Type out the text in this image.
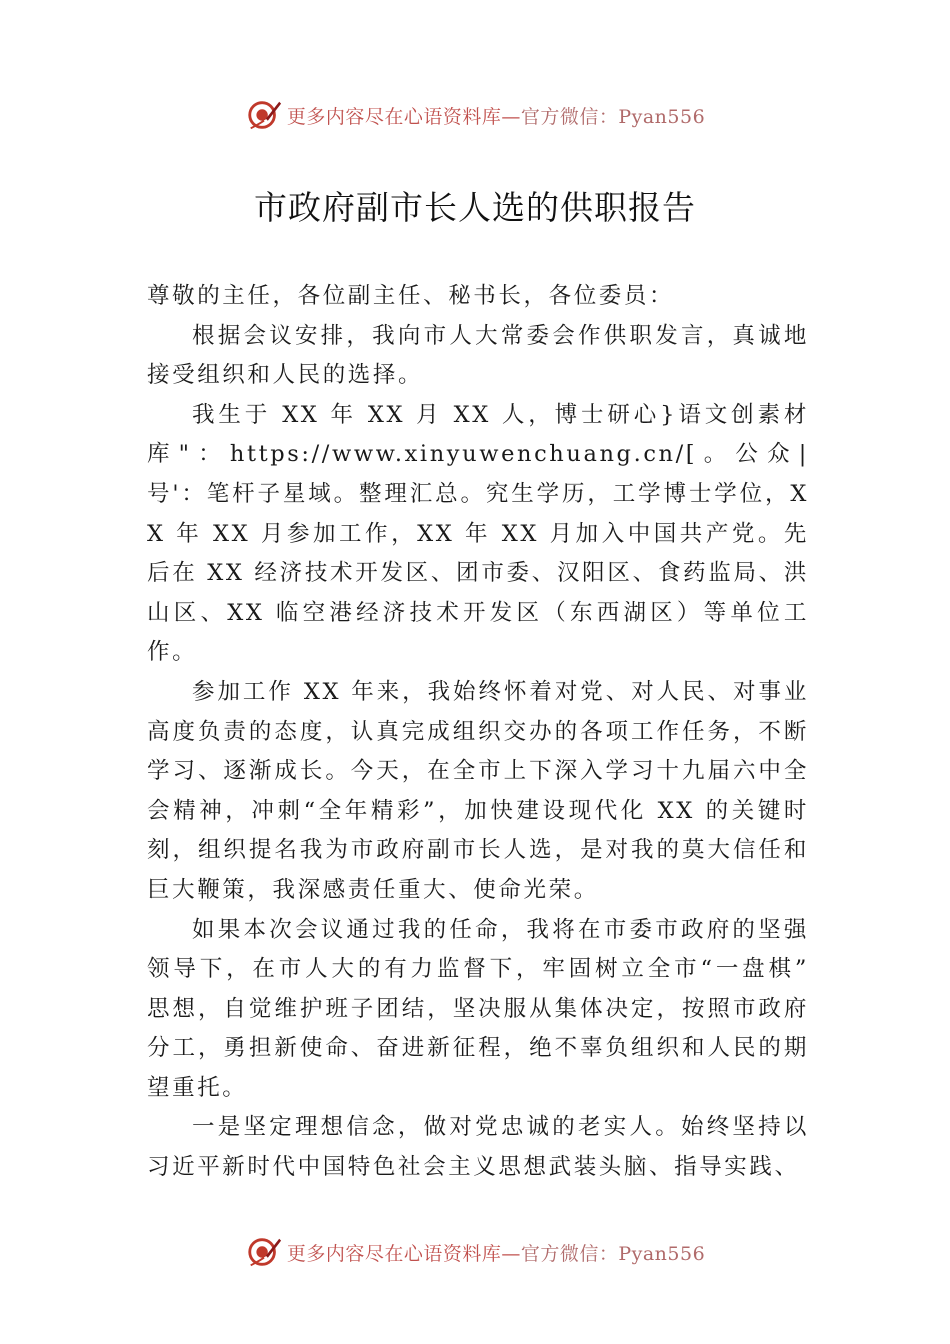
更多内容尽在心语资料库— 官方微信：Pyan556
市政府副市长人选的供职报告

尊敬的主任，各位副主任、秘书长，各位委员：

根据会议安排，我向市人大常委会作供职发言，真诚地接受组织和人民的选择。

我生于 XX 年 XX 月 XX 人，博士研心}语文创素材库"：https://www.xinyuwenchuang.cn/[。公众|号'：笔杆子星域。整理汇总。究生学历，工学博士学位，XX 年 XX 月参加工作，XX 年 XX 月加入中国共产党。先后在 XX 经济技术开发区、团市委、汉阳区、食药监局、洪山区、XX 临空港经济技术开发区（东西湖区）等单位工作。

参加工作 XX 年来，我始终怀着对党、对人民、对事业高度负责的态度，认真完成组织交办的各项工作任务，不断学习、逐渐成长。今天，在全市上下深入学习十九届六中全会精神，冲刺“全年精彩”，加快建设现代化 XX 的关键时刻，组织提名我为市政府副市长人选，是对我的莫大信任和巨大鞭策，我深感责任重大、使命光荣。

如果本次会议通过我的任命，我将在市委市政府的坚强领导下，在市人大的有力监督下，牢固树立全市“一盘棋” 思想，自觉维护班子团结，坚决服从集体决定，按照市政府分工，勇担新使命、奋进新征程，绝不辜负组织和人民的期望重托。

一是坚定理想信念，做对党忠诚的老实人。始终坚持以习近平新时代中国特色社会主义思想武装头脑、指导实践、

更多内容尽在心语资料库— 官方微信：Pyan556
